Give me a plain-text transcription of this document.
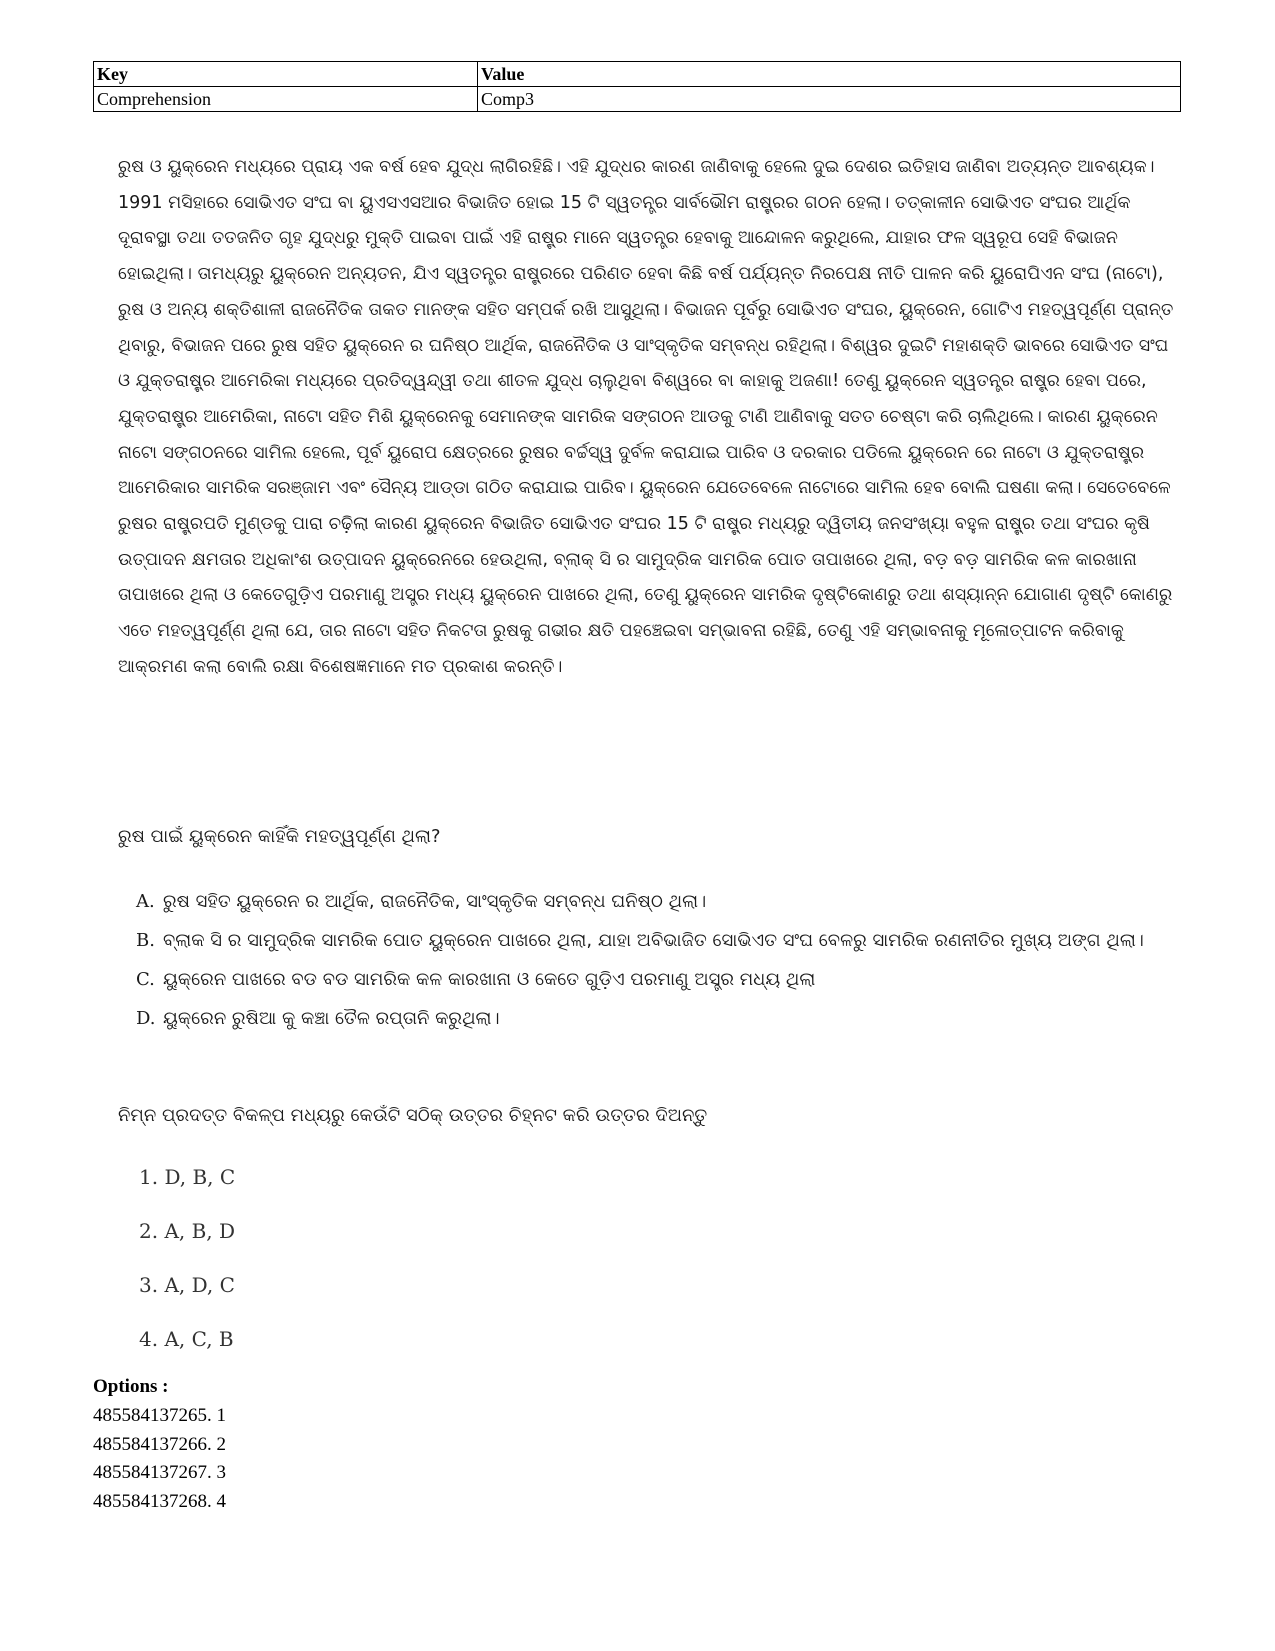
Key	Value
Comprehension	Comp3

ରୁଷ ଓ ୟୁକ୍ରେନ ମଧ୍ୟରେ ପ୍ରାୟ ଏକ ବର୍ଷ ହେବ ଯୁଦ୍ଧ ଲାଗିରହିଛି। ଏହି ଯୁଦ୍ଧର କାରଣ ଜାଣିବାକୁ ହେଲେ ଦୁଇ ଦେଶର ଇତିହାସ ଜାଣିବା ଅତ୍ୟନ୍ତ ଆବଶ୍ୟକ। 1991 ମସିହାରେ ସୋଭିଏତ ସଂଘ ବା ୟୁଏସଏସଆର ବିଭାଜିତ ହୋଇ 15 ଟି ସ୍ୱତନ୍ତ୍ର ସାର୍ବଭୌମ ରାଷ୍ଟ୍ରର ଗଠନ ହେଲା। ତତ୍କାଳୀନ ସୋଭିଏତ ସଂଘର ଆର୍ଥିକ ଦୂରାବସ୍ଥା ତଥା ତତଜନିତ ଗୃହ ଯୁଦ୍ଧରୁ ମୁକ୍ତି ପାଇବା ପାଇଁ ଏହି ରାଷ୍ଟ୍ର ମାନେ ସ୍ୱତନ୍ତ୍ର ହେବାକୁ ଆନ୍ଦୋଳନ କରୁଥିଲେ, ଯାହାର ଫଳ ସ୍ୱରୂପ ସେହି ବିଭାଜନ ହୋଇଥିଲା। ତାମଧ୍ୟରୁ ୟୁକ୍ରେନ ଅନ୍ୟତନ, ଯିଏ ସ୍ୱତନ୍ତ୍ର ରାଷ୍ଟ୍ରରେ ପରିଣତ ହେବା କିଛି ବର୍ଷ ପର୍ଯ୍ୟନ୍ତ ନିରପେକ୍ଷ ନୀତି ପାଳନ କରି ୟୁରୋପିଏନ ସଂଘ (ନାଟୋ), ରୁଷ ଓ ଅନ୍ୟ ଶକ୍ତିଶାଳୀ ରାଜନୈତିକ ତାକତ ମାନଙ୍କ ସହିତ ସମ୍ପର୍କ ରଖି ଆସୁଥିଲା। ବିଭାଜନ ପୂର୍ବରୁ ସୋଭିଏତ ସଂଘର, ୟୁକ୍ରେନ, ଗୋଟିଏ ମହତ୍ୱପୂର୍ଣ୍ଣ ପ୍ରାନ୍ତ ଥିବାରୁ, ବିଭାଜନ ପରେ ରୁଷ ସହିତ ୟୁକ୍ରେନ ର ଘନିଷ୍ଠ ଆର୍ଥିକ, ରାଜନୈତିକ ଓ ସାଂସ୍କୃତିକ ସମ୍ବନ୍ଧ ରହିଥିଲା। ବିଶ୍ୱର ଦୁଇଟି ମହାଶକ୍ତି ଭାବରେ ସୋଭିଏତ ସଂଘ ଓ ଯୁକ୍ତରାଷ୍ଟ୍ର ଆମେରିକା ମଧ୍ୟରେ ପ୍ରତିଦ୍ୱନ୍ଦ୍ୱୀ ତଥା ଶୀତଳ ଯୁଦ୍ଧ ଚାଲୁଥିବା ବିଶ୍ୱରେ ବା କାହାକୁ ଅଜଣା! ତେଣୁ ୟୁକ୍ରେନ ସ୍ୱତନ୍ତ୍ର ରାଷ୍ଟ୍ର ହେବା ପରେ, ଯୁକ୍ତରାଷ୍ଟ୍ର ଆମେରିକା, ନାଟୋ ସହିତ ମିଶି ୟୁକ୍ରେନକୁ ସେମାନଙ୍କ ସାମରିକ ସଙ୍ଗଠନ ଆଡକୁ ଟାଣି ଆଣିବାକୁ ସତତ ଚେଷ୍ଟା କରି ଚାଲିଥିଲେ। କାରଣ ୟୁକ୍ରେନ ନାଟୋ ସଙ୍ଗଠନରେ ସାମିଲ ହେଲେ, ପୂର୍ବ ୟୁରୋପ କ୍ଷେତ୍ରରେ ରୁଷର ବର୍ଚ୍ଚସ୍ୱ ଦୁର୍ବଳ କରାଯାଇ ପାରିବ ଓ ଦରକାର ପଡିଲେ ୟୁକ୍ରେନ ରେ ନାଟୋ ଓ ଯୁକ୍ତରାଷ୍ଟ୍ର ଆମେରିକାର ସାମରିକ ସରଞ୍ଜାମ ଏବଂ ସୈନ୍ୟ ଆଡ୍ଡା ଗଠିତ କରାଯାଇ ପାରିବ। ୟୁକ୍ରେନ ଯେତେବେଳେ ନାଟୋରେ ସାମିଲ ହେବ ବୋଲି ଘଷଣା କଲା। ସେତେବେଳେ ରୁଷର ରାଷ୍ଟ୍ରପତି ମୁଣ୍ଡକୁ ପାରା ଚଢ଼ିଲା କାରଣ ୟୁକ୍ରେନ ବିଭାଜିତ ସୋଭିଏତ ସଂଘର 15 ଟି ରାଷ୍ଟ୍ର ମଧ୍ୟରୁ ଦ୍ୱିତୀୟ ଜନସଂଖ୍ୟା ବହୁଳ ରାଷ୍ଟ୍ର ତଥା ସଂଘର କୃଷି ଉତ୍ପାଦନ କ୍ଷମତାର ଅଧିକାଂଶ ଉତ୍ପାଦନ ୟୁକ୍ରେନରେ ହେଉଥିଲା, ବ୍ଲାକ୍ ସି ର ସାମୁଦ୍ରିକ ସାମରିକ ପୋତ ତାପାଖରେ ଥିଲା, ବଡ଼ ବଡ଼ ସାମରିକ କଳ କାରଖାନା ତାପାଖରେ ଥିଲା ଓ କେତେଗୁଡ଼ିଏ ପରମାଣୁ ଅସ୍ତ୍ର ମଧ୍ୟ ୟୁକ୍ରେନ ପାଖରେ ଥିଲା, ତେଣୁ ୟୁକ୍ରେନ ସାମରିକ ଦୃଷ୍ଟିକୋଣରୁ ତଥା ଶସ୍ୟାନ୍ନ ଯୋଗାଣ ଦୃଷ୍ଟି କୋଣରୁ ଏତେ ମହତ୍ୱପୂର୍ଣ୍ଣ ଥିଲା ଯେ, ତାର ନାଟୋ ସହିତ ନିକଟତା ରୁଷକୁ ଗଭୀର କ୍ଷତି ପହଞ୍ଚେଇବା ସମ୍ଭାବନା ରହିଛି, ତେଣୁ ଏହି ସମ୍ଭାବନାକୁ ମୂଳୋତ୍ପାଟନ କରିବାକୁ ଆକ୍ରମଣ କଲା ବୋଲି ରକ୍ଷା ବିଶେଷଜ୍ଞମାନେ ମତ ପ୍ରକାଶ କରନ୍ତି।

ରୁଷ ପାଇଁ ୟୁକ୍ରେନ କାହିଁକି ମହତ୍ୱପୂର୍ଣ୍ଣ ଥିଲା?

A. ରୁଷ ସହିତ ୟୁକ୍ରେନ ର ଆର୍ଥିକ, ରାଜନୈତିକ, ସାଂସ୍କୃତିକ ସମ୍ବନ୍ଧ ଘନିଷ୍ଠ ଥିଲା।
B. ବ୍ଲାକ ସି ର ସାମୁଦ୍ରିକ ସାମରିକ ପୋତ ୟୁକ୍ରେନ ପାଖରେ ଥିଲା, ଯାହା ଅବିଭାଜିତ ସୋଭିଏତ ସଂଘ ବେଳରୁ ସାମରିକ ରଣନୀତିର ମୁଖ୍ୟ ଅଙ୍ଗ ଥିଲା।
C. ୟୁକ୍ରେନ ପାଖରେ ବଡ ବଡ ସାମରିକ କଳ କାରଖାନା ଓ କେତେ ଗୁଡ଼ିଏ ପରମାଣୁ ଅସ୍ତ୍ର ମଧ୍ୟ ଥିଲା
D. ୟୁକ୍ରେନ ରୁଷିଆ କୁ କଞ୍ଚା ତୈଳ ରପ୍ତାନି କରୁଥିଲା।

ନିମ୍ନ ପ୍ରଦତ୍ତ ବିକଳ୍ପ ମଧ୍ୟରୁ କେଉଁଟି ସଠିକ୍ ଉତ୍ତର ଚିହ୍ନଟ କରି ଉତ୍ତର ଦିଅନ୍ତୁ

1. D, B, C
2. A, B, D
3. A, D, C
4. A, C, B
Options :
485584137265. 1
485584137266. 2
485584137267. 3
485584137268. 4
